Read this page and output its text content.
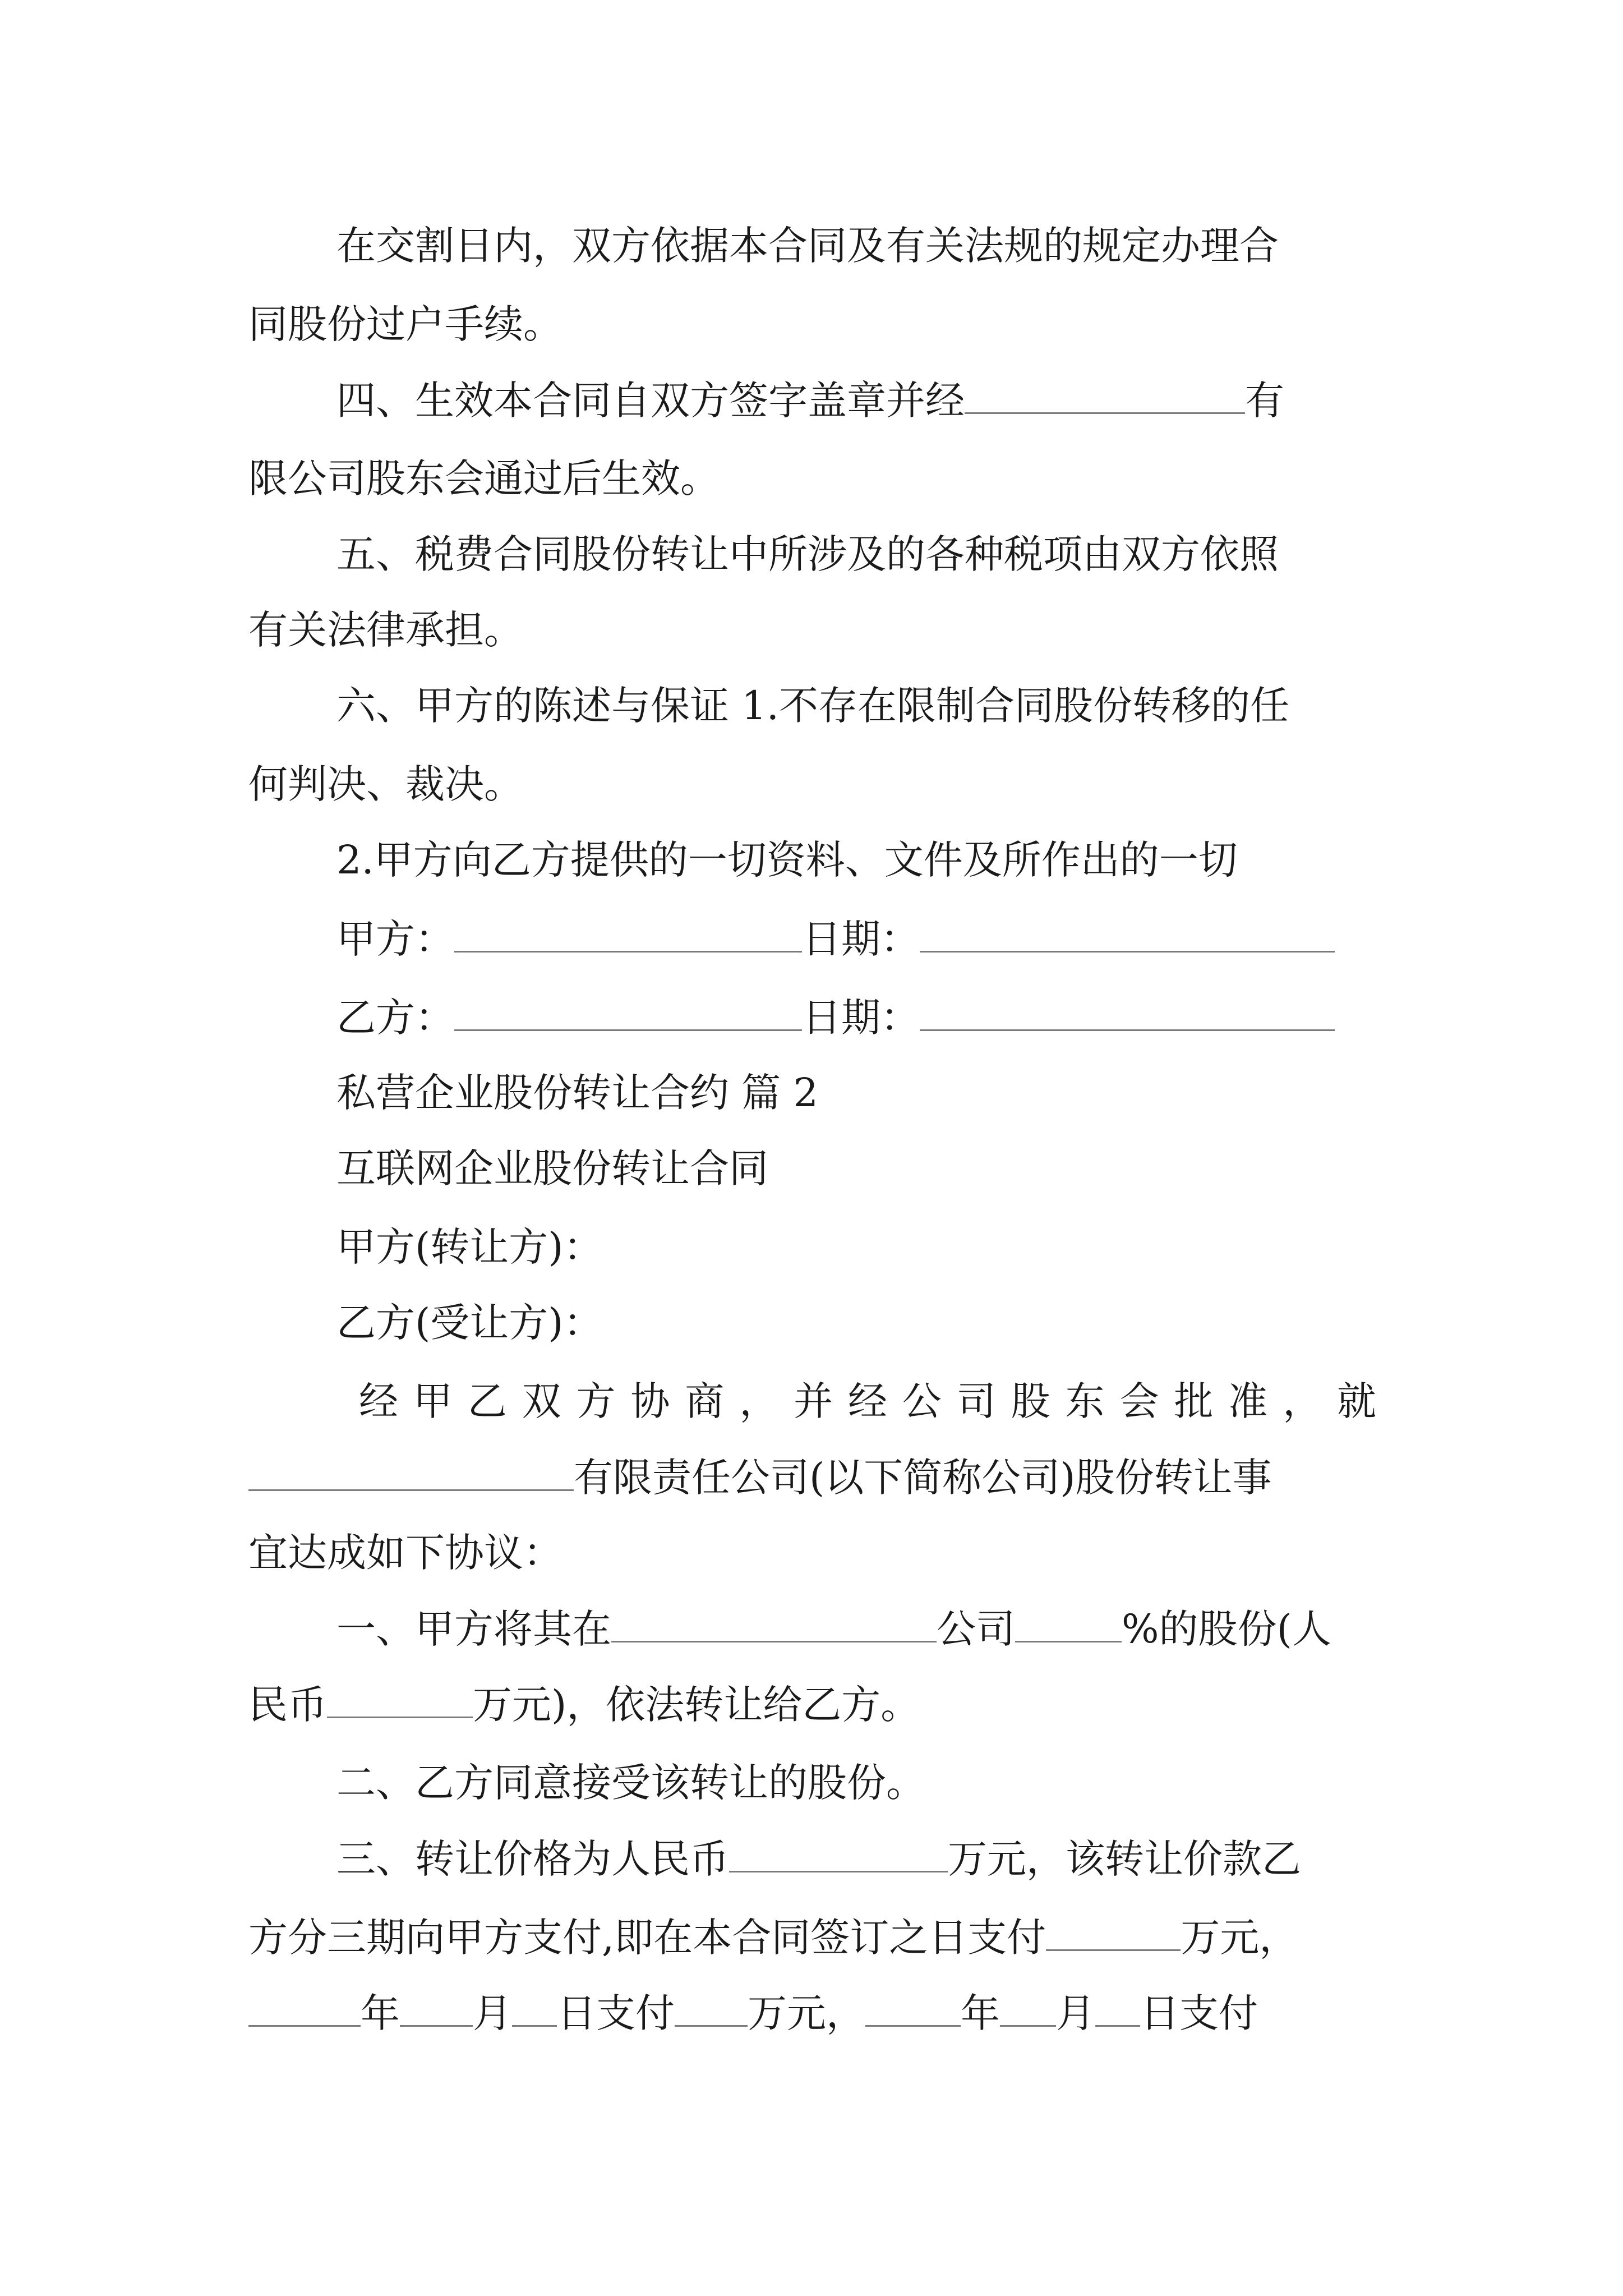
在交割日内，双方依据本合同及有关法规的规定办理合
同股份过户手续。
四、生效本合同自双方签字盖章并经	有
限公司股东会通过后生效。
五、税费合同股份转让中所涉及的各种税项由双方依照
有关法律承担。
六、甲方的陈述与保证 1.不存在限制合同股份转移的任
何判决、裁决。
2.甲方向乙方提供的一切资料、文件及所作出的一切
甲方：	日期：
乙方：	日期：
私营企业股份转让合约 篇 2
互联网企业股份转让合同
甲方(转让方)：
乙方(受让方)：
经甲乙双方协商，并经公司股东会批准，就
有限责任公司(以下简称公司)股份转让事
宜达成如下协议：
一、甲方将其在	公司	%的股份(人
民币	万元)，依法转让给乙方。
二、乙方同意接受该转让的股份。
三、转让价格为人民币	万元，该转让价款乙
方分三期向甲方支付,即在本合同签订之日支付	万元，
年 月 日支付 万元， 年 月 日支付
